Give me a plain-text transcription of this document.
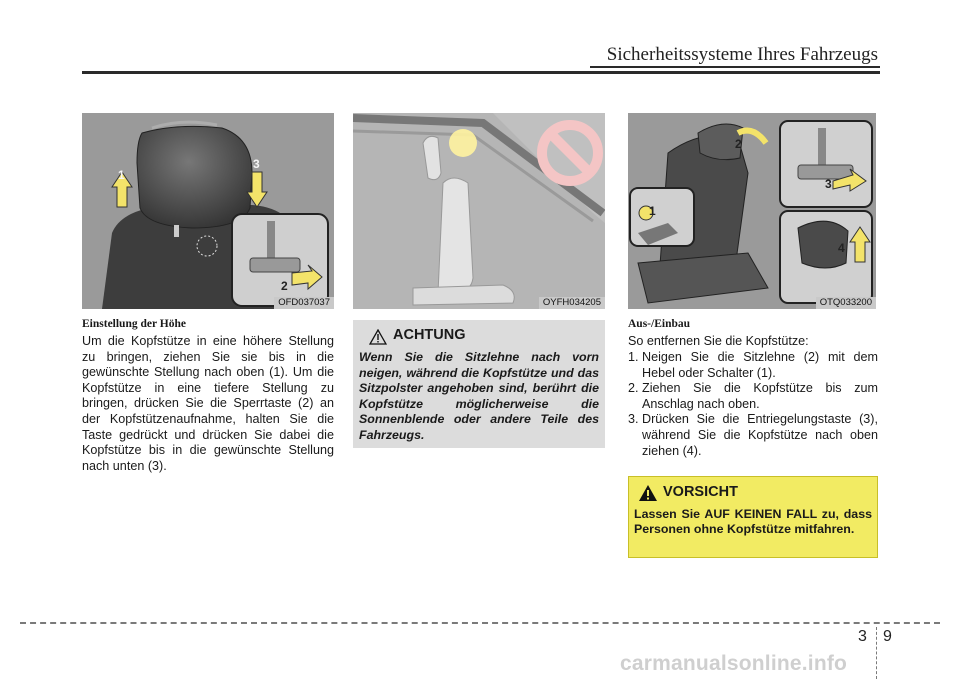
Sicherheitssysteme Ihres Fahrzeugs
1
3
2
OFD037037	OYFH034205
1
2
3
4
OTQ033200
Einstellung der Höhe
Um die Kopfstütze in eine höhere Stellung zu bringen, ziehen Sie sie bis in die gewünschte Stellung nach oben (1). Um die Kopfstütze in eine tiefere Stellung zu bringen, drücken Sie die Sperrtaste (2) an der Kopfstützenaufnahme, halten Sie die Taste gedrückt und drücken Sie dabei die Kopfstütze bis in die gewünschte Stellung nach unten (3).
ACHTUNG
Wenn Sie die Sitzlehne nach vorn neigen, während die Kopfstütze und das Sitzpolster angehoben sind, berührt die Kopfstütze möglicherweise die Sonnenblende oder andere Teile des Fahrzeugs.
Aus-/Einbau
So entfernen Sie die Kopfstütze:
1. Neigen Sie die Sitzlehne (2) mit dem Hebel oder Schalter (1).
2. Ziehen Sie die Kopfstütze bis zum Anschlag nach oben.
3. Drücken Sie die Entriegelungstaste (3), während Sie die Kopfstütze nach oben ziehen (4).
VORSICHT
Lassen Sie AUF KEINEN FALL zu, dass Personen ohne Kopfstütze mitfahren.
3 9
carmanualsonline.info
